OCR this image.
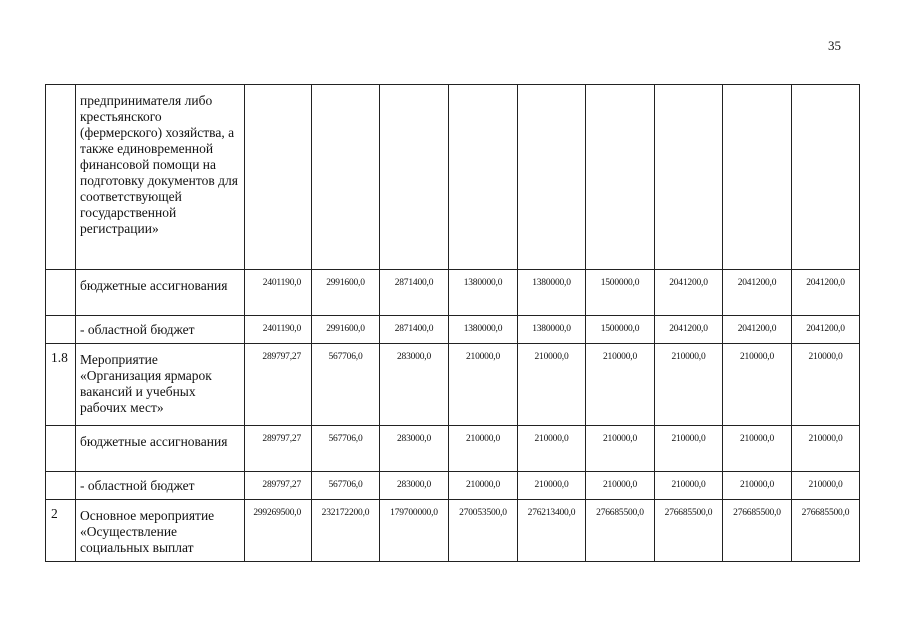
35
	предпринимателя либо крестьянского (фермерского) хозяйства, а также единовременной финансовой помощи на подготовку документов для соответствующей государственной регистрации»									
	бюджетные ассигнования	2401190,0	2991600,0	2871400,0	1380000,0	1380000,0	1500000,0	2041200,0	2041200,0	2041200,0
	- областной бюджет	2401190,0	2991600,0	2871400,0	1380000,0	1380000,0	1500000,0	2041200,0	2041200,0	2041200,0
1.8	Мероприятие «Организация ярмарок вакансий и учебных рабочих мест»	289797,27	567706,0	283000,0	210000,0	210000,0	210000,0	210000,0	210000,0	210000,0
	бюджетные ассигнования	289797,27	567706,0	283000,0	210000,0	210000,0	210000,0	210000,0	210000,0	210000,0
	- областной бюджет	289797,27	567706,0	283000,0	210000,0	210000,0	210000,0	210000,0	210000,0	210000,0
2	Основное мероприятие «Осуществление социальных выплат	299269500,0	232172200,0	179700000,0	270053500,0	276213400,0	276685500,0	276685500,0	276685500,0	276685500,0
